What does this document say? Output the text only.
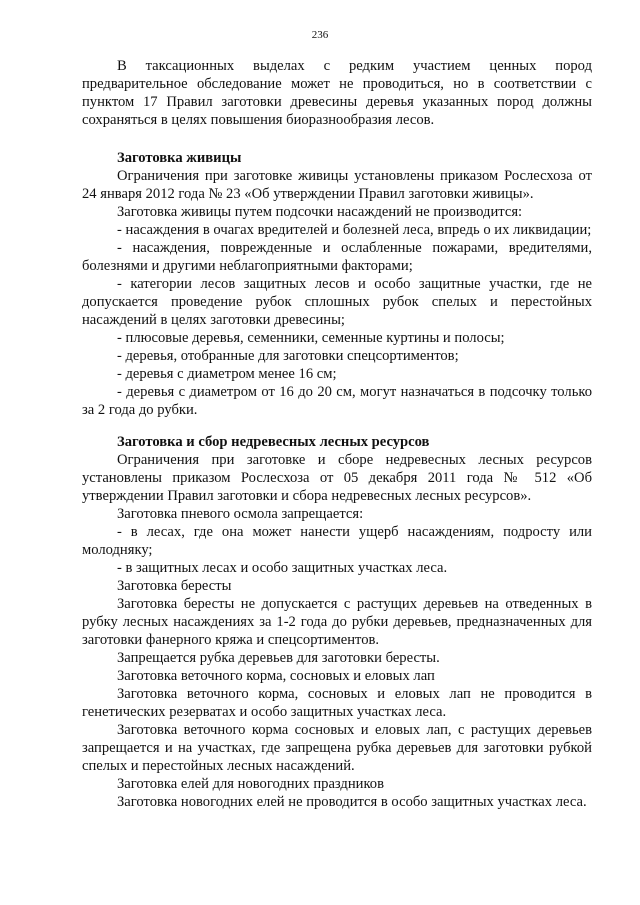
236

В таксационных выделах с редким участием ценных пород предварительное обследование может не проводиться, но в соответствии с пунктом 17 Правил заготовки древесины деревья указанных пород должны сохраняться в целях повышения биоразнообразия лесов.

Заготовка живицы

Ограничения при заготовке живицы установлены приказом Рослесхоза от 24 января 2012 года № 23 «Об утверждении Правил заготовки живицы».

Заготовка живицы путем подсочки насаждений не производится:

- насаждения в очагах вредителей и болезней леса, впредь о их ликвидации;

- насаждения, поврежденные и ослабленные пожарами, вредителями, болезнями и другими неблагоприятными факторами;

- категории лесов защитных лесов и особо защитные участки, где не допускается проведение рубок сплошных рубок спелых и перестойных насаждений в целях заготовки древесины;

- плюсовые деревья, семенники, семенные куртины и полосы;

- деревья, отобранные для заготовки спецсортиментов;

- деревья с диаметром менее 16 см;

- деревья с диаметром от 16 до 20 см, могут назначаться в подсочку только за 2 года до рубки.

Заготовка и сбор недревесных лесных ресурсов

Ограничения при заготовке и сборе недревесных лесных ресурсов установлены приказом Рослесхоза от 05 декабря 2011 года № 512 «Об утверждении Правил заготовки и сбора недревесных лесных ресурсов».

Заготовка пневого осмола запрещается:

- в лесах, где она может нанести ущерб насаждениям, подросту или молодняку;

- в защитных лесах и особо защитных участках леса.

Заготовка бересты

Заготовка бересты не допускается с растущих деревьев на отведенных в рубку лесных насаждениях за 1-2 года до рубки деревьев, предназначенных для заготовки фанерного кряжа и спецсортиментов.

Запрещается рубка деревьев для заготовки бересты.

Заготовка веточного корма, сосновых и еловых лап

Заготовка веточного корма, сосновых и еловых лап не проводится в генетических резерватах и особо защитных участках леса.

Заготовка веточного корма сосновых и еловых лап, с растущих деревьев запрещается и на участках, где запрещена рубка деревьев для заготовки рубкой спелых и перестойных лесных насаждений.

Заготовка елей для новогодних праздников

Заготовка новогодних елей не проводится в особо защитных участках леса.
